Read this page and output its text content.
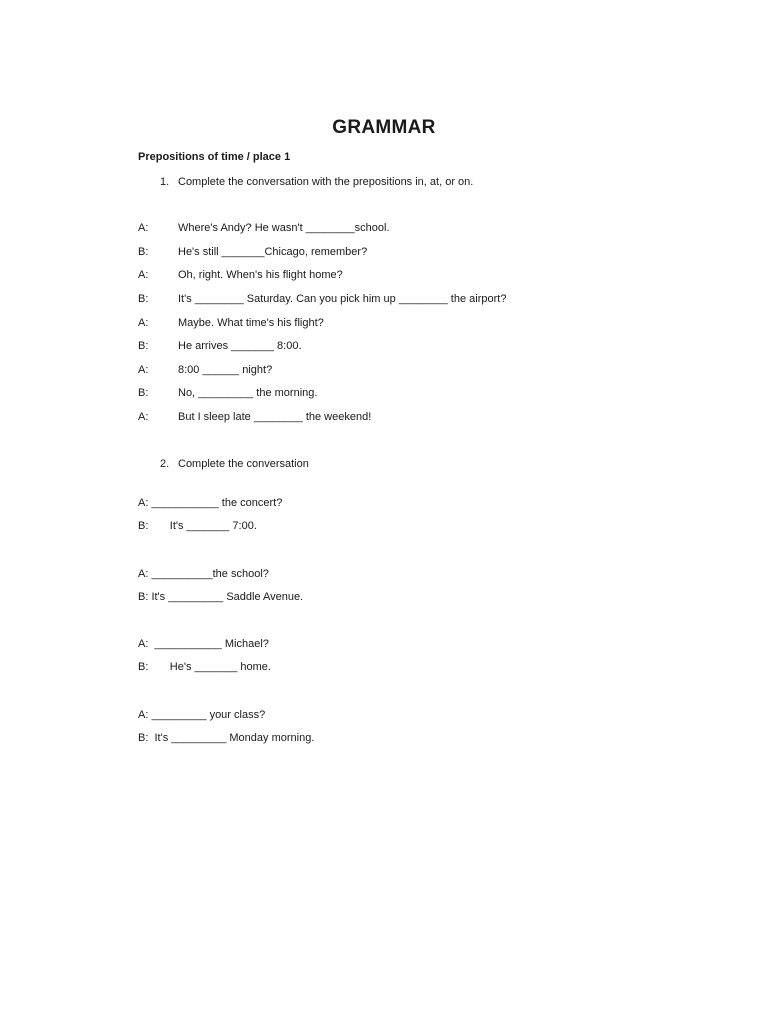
GRAMMAR
Prepositions of time / place 1
1. Complete the conversation with the prepositions in, at, or on.
A:	Where's Andy? He wasn't ________school.
B:	He's still _______Chicago, remember?
A:	Oh, right. When's his flight home?
B:	It's ________ Saturday. Can you pick him up ________ the airport?
A:	Maybe. What time's his flight?
B:	He arrives _______ 8:00.
A:	8:00 ______ night?
B:	No, _________ the morning.
A:	But I sleep late ________ the weekend!
2. Complete the conversation
A: ___________ the concert?
B:       It's _______ 7:00.
A: __________the school?
B: It's _________ Saddle Avenue.
A:  ___________ Michael?
B:       He's _______ home.
A: _________ your class?
B:  It's _________ Monday morning.
